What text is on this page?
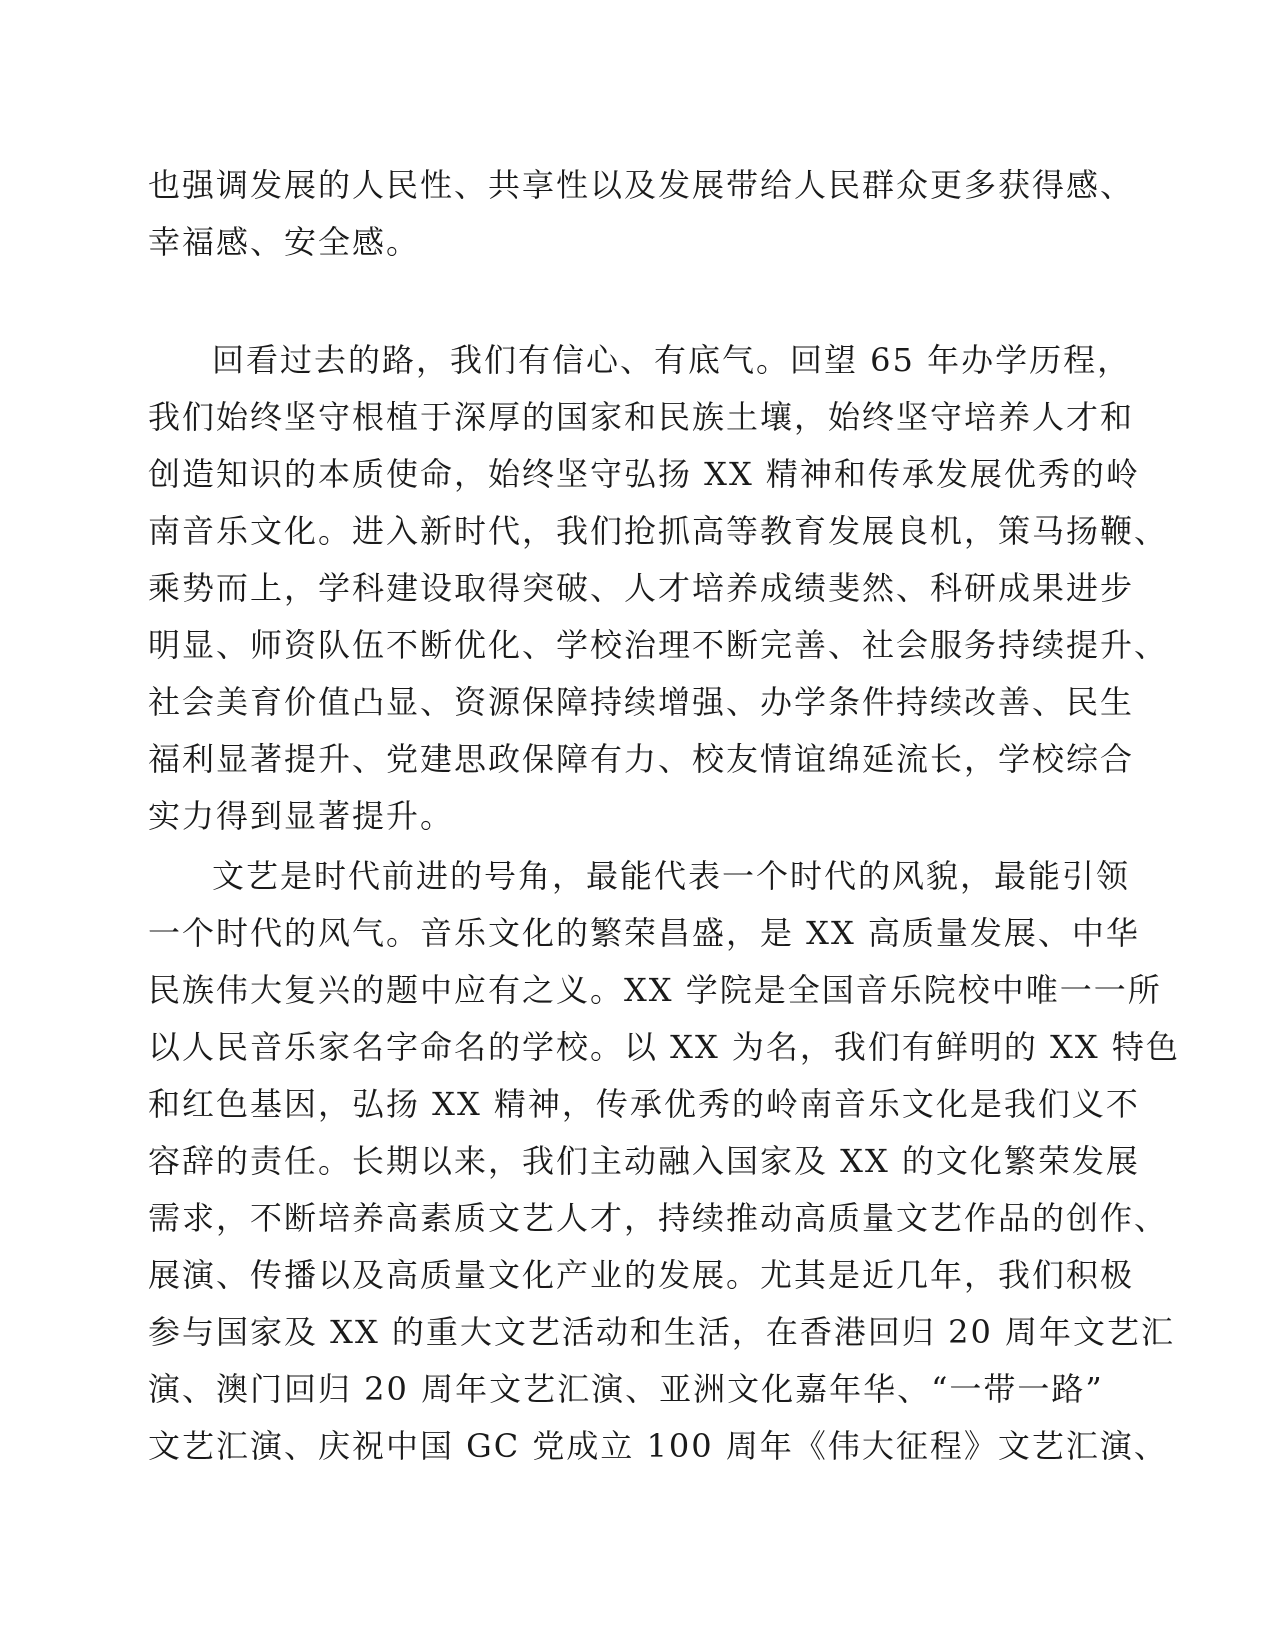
也强调发展的人民性、共享性以及发展带给人民群众更多获得感、
幸福感、安全感。
回看过去的路，我们有信心、有底气。回望 65 年办学历程，
我们始终坚守根植于深厚的国家和民族土壤，始终坚守培养人才和
创造知识的本质使命，始终坚守弘扬 XX 精神和传承发展优秀的岭
南音乐文化。进入新时代，我们抢抓高等教育发展良机，策马扬鞭、
乘势而上，学科建设取得突破、人才培养成绩斐然、科研成果进步
明显、师资队伍不断优化、学校治理不断完善、社会服务持续提升、
社会美育价值凸显、资源保障持续增强、办学条件持续改善、民生
福利显著提升、党建思政保障有力、校友情谊绵延流长，学校综合
实力得到显著提升。
文艺是时代前进的号角，最能代表一个时代的风貌，最能引领
一个时代的风气。音乐文化的繁荣昌盛，是 XX 高质量发展、中华
民族伟大复兴的题中应有之义。XX 学院是全国音乐院校中唯一一所
以人民音乐家名字命名的学校。以 XX 为名，我们有鲜明的 XX 特色
和红色基因，弘扬 XX 精神，传承优秀的岭南音乐文化是我们义不
容辞的责任。长期以来，我们主动融入国家及 XX 的文化繁荣发展
需求，不断培养高素质文艺人才，持续推动高质量文艺作品的创作、
展演、传播以及高质量文化产业的发展。尤其是近几年，我们积极
参与国家及 XX 的重大文艺活动和生活，在香港回归 20 周年文艺汇
演、澳门回归 20 周年文艺汇演、亚洲文化嘉年华、“一带一路”
文艺汇演、庆祝中国 GC 党成立 100 周年《伟大征程》文艺汇演、
